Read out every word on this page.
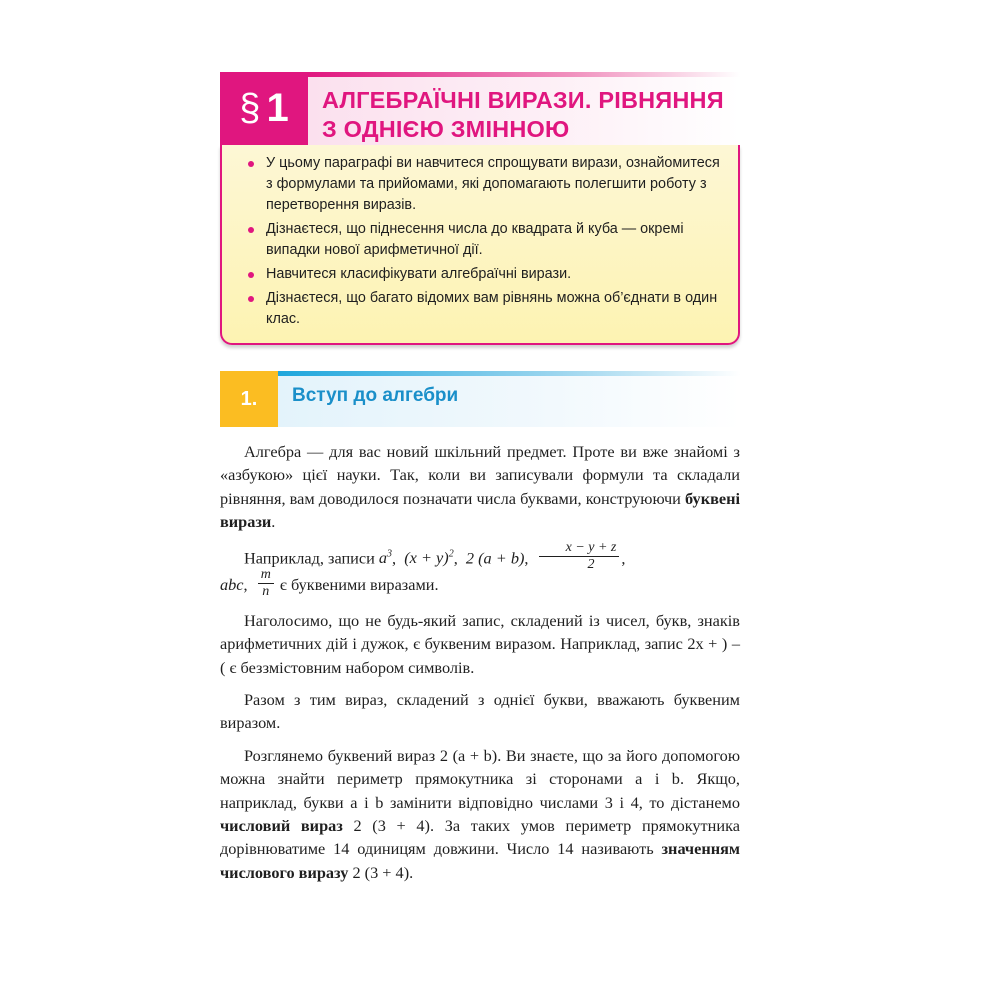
§ 1 АЛГЕБРАЇЧНІ ВИРАЗИ. РІВНЯННЯ З ОДНІЄЮ ЗМІННОЮ
У цьому параграфі ви навчитеся спрощувати вирази, ознайомитеся з формулами та прийомами, які допомагають полегшити роботу з перетворення виразів.
Дізнаєтеся, що піднесення числа до квадрата й куба — окремі випадки нової арифметичної дії.
Навчитеся класифікувати алгебраїчні вирази.
Дізнаєтеся, що багато відомих вам рівнянь можна об’єднати в один клас.
1.	Вступ до алгебри

Алгебра — для вас новий шкільний предмет. Проте ви вже знайомі з «азбукою» цієї науки. Так, коли ви записували формули та складали рівняння, вам доводилося позначати числа буквами, конструюючи буквені вирази.

Наприклад, записи $a^3$,  $(x + y)^2$,  2 (a + b), $\frac{x - y + z}{2}$ ,

abc, $\frac{m}{n}$ є буквеними виразами.

Наголосимо, що не будь-який запис, складений із чисел, букв, знаків арифметичних дій і дужок, є буквеним виразом. Наприклад, запис 2x + ) – ( є беззмістовним набором символів.

Разом з тим вираз, складений з однієї букви, вважають буквеним виразом.

Розглянемо буквений вираз 2 (a + b). Ви знаєте, що за його допомогою можна знайти периметр прямокутника зі сторонами a і b. Якщо, наприклад, букви a і b замінити відповідно числами 3 і 4, то дістанемо числовий вираз 2 (3 + 4). За таких умов периметр прямокутника дорівнюватиме 14 одиницям довжини. Число 14 називають значенням числового виразу 2 (3 + 4).
